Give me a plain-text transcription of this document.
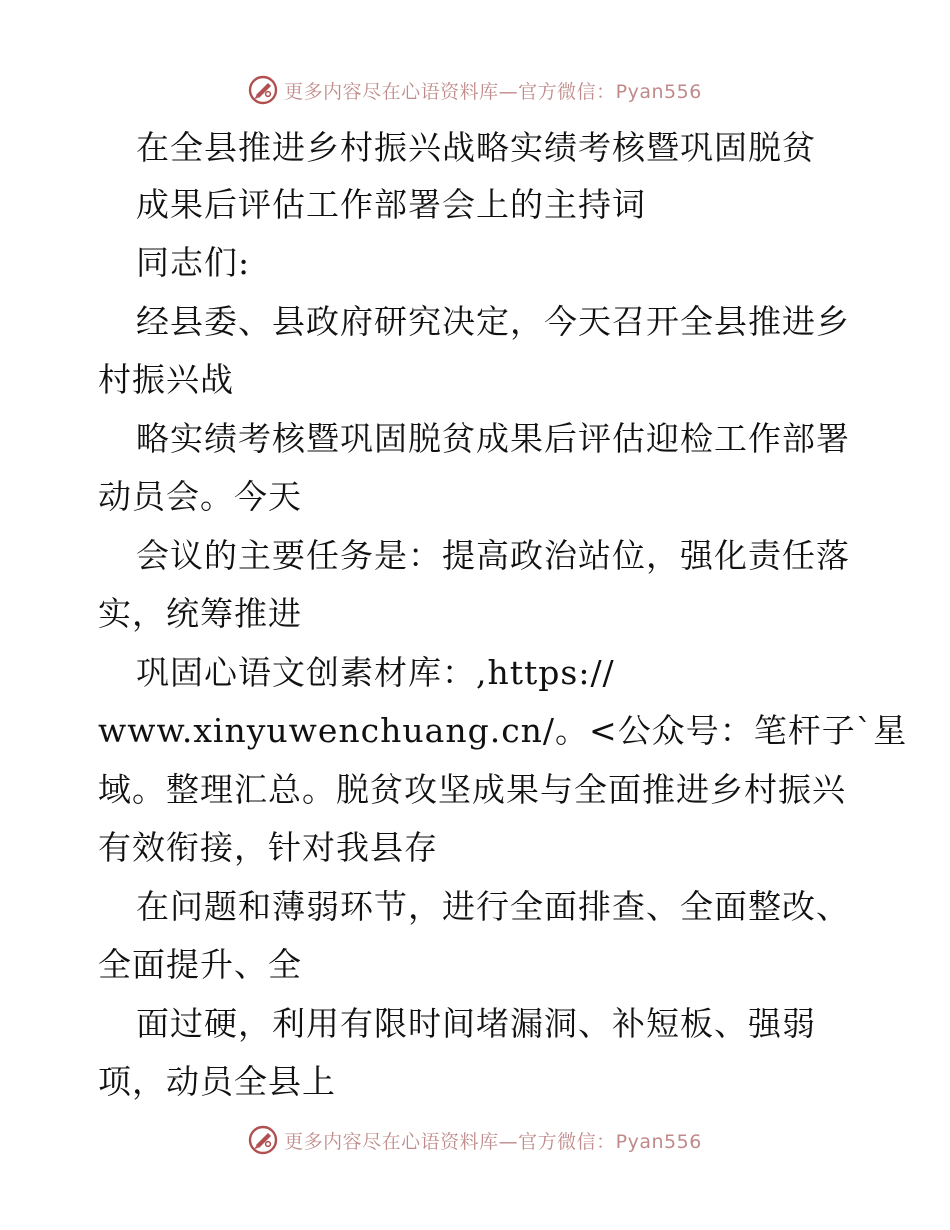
更多内容尽在心语资料库—官方微信：Pyan556
在全县推进乡村振兴战略实绩考核暨巩固脱贫
成果后评估工作部署会上的主持词
同志们:
经县委、县政府研究决定，今天召开全县推进乡
村振兴战
略实绩考核暨巩固脱贫成果后评估迎检工作部署
动员会。今天
会议的主要任务是：提高政治站位，强化责任落
实，统筹推进
巩固心语文创素材库：,https://
www.xinyuwenchuang.cn/。<公众号：笔杆子`星
域。整理汇总。脱贫攻坚成果与全面推进乡村振兴
有效衔接，针对我县存
在问题和薄弱环节，进行全面排查、全面整改、
全面提升、全
面过硬，利用有限时间堵漏洞、补短板、强弱
项，动员全县上
更多内容尽在心语资料库—官方微信：Pyan556
